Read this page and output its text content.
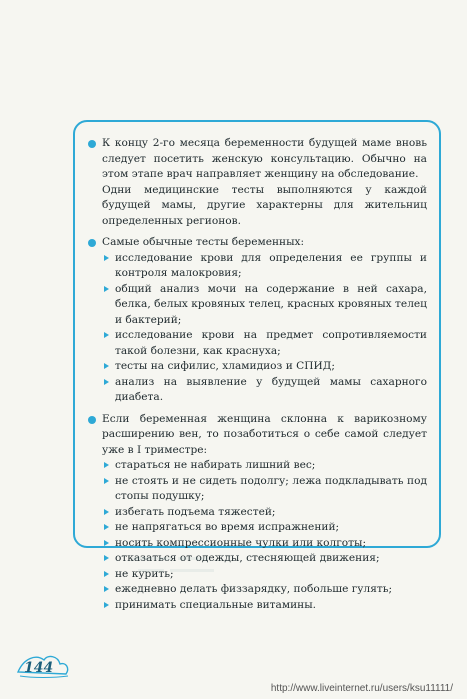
К концу 2-го месяца беременности будущей маме вновь следует посетить женскую консультацию. Обычно на этом этапе врач направляет женщину на обследование.

Одни медицинские тесты выполняются у каждой будущей мамы, другие характерны для жительниц определенных регионов.

Самые обычные тесты беременных:

исследование крови для определения ее группы и контроля малокровия;

общий анализ мочи на содержание в ней сахара, белка, белых кровяных телец, красных кровяных телец и бактерий;

исследование крови на предмет сопротивляемости такой болезни, как краснуха;

тесты на сифилис, хламидиоз и СПИД;

анализ на выявление у будущей мамы сахарного диабета.

Если беременная женщина склонна к варикозному расширению вен, то позаботиться о себе самой следует уже в I триместре:

стараться не набирать лишний вес;

не стоять и не сидеть подолгу; лежа подкладывать под стопы подушку;

избегать подъема тяжестей;

не напрягаться во время испражнений;

носить компрессионные чулки или колготы;

отказаться от одежды, стесняющей движения;

не курить;

ежедневно делать физзарядку, побольше гулять;

принимать специальные витамины.

144
http://www.liveinternet.ru/users/ksu11111/
